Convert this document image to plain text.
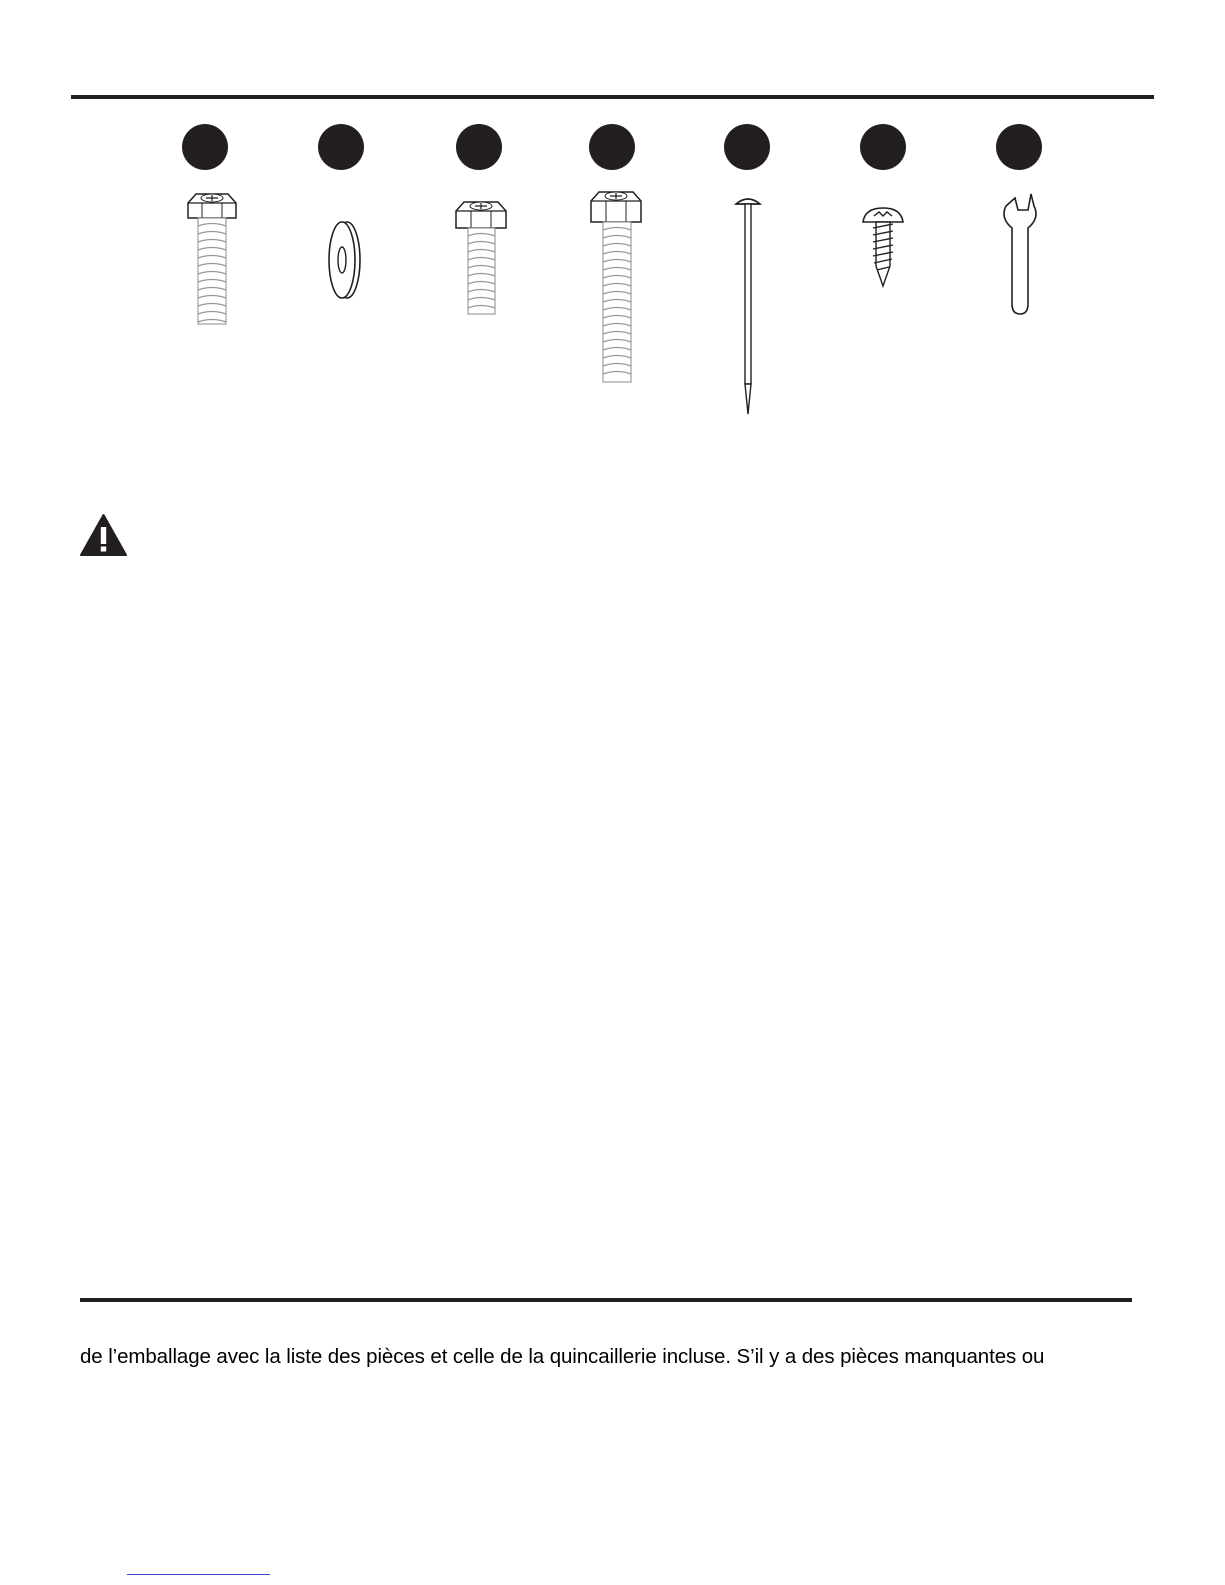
de l’emballage avec la liste des pièces et celle de la quincaillerie incluse. S’il y a des pièces manquantes ou
